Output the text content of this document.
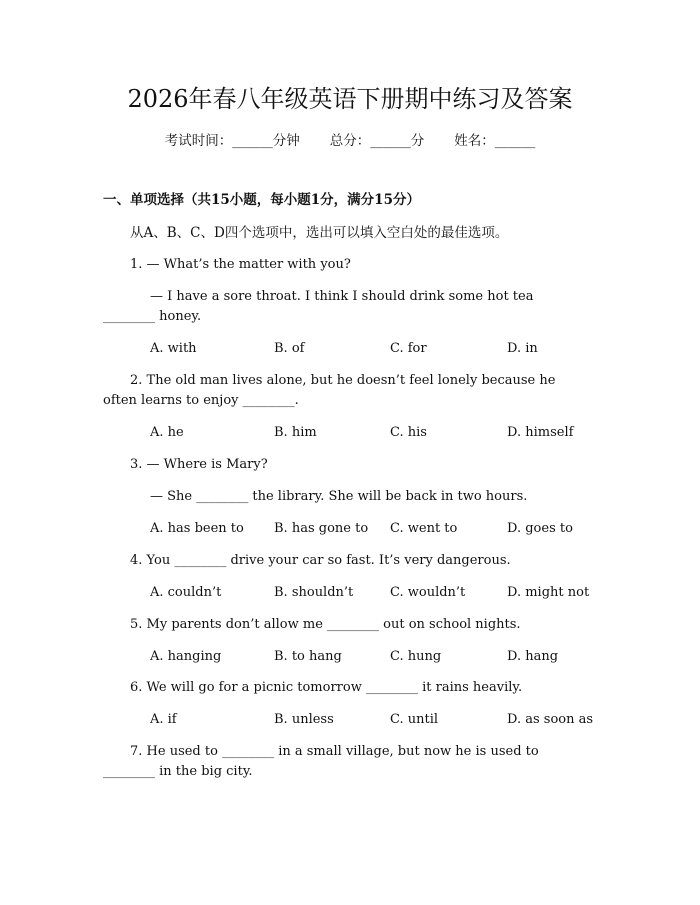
2026年春八年级英语下册期中练习及答案
考试时间：______分钟 总分：______分 姓名：______
一、单项选择（共15小题，每小题1分，满分15分）
从A、B、C、D四个选项中，选出可以填入空白处的最佳选项。
1. — What’s the matter with you?
— I have a sore throat. I think I should drink some hot tea
________ honey.
A. with	B. of	C. for	D. in
2. The old man lives alone, but he doesn’t feel lonely because he
often learns to enjoy ________.
A. he	B. him	C. his	D. himself
3. — Where is Mary?
— She ________ the library. She will be back in two hours.
A. has been to B. has gone to C. went to	D. goes to
4. You ________ drive your car so fast. It’s very dangerous.
A. couldn’t	B. shouldn’t	C. wouldn’t	D. might not
5. My parents don’t allow me ________ out on school nights.
A. hanging	B. to hang	C. hung	D. hang
6. We will go for a picnic tomorrow ________ it rains heavily.
A. if	B. unless	C. until	D. as soon as
7. He used to ________ in a small village, but now he is used to
________ in the big city.
